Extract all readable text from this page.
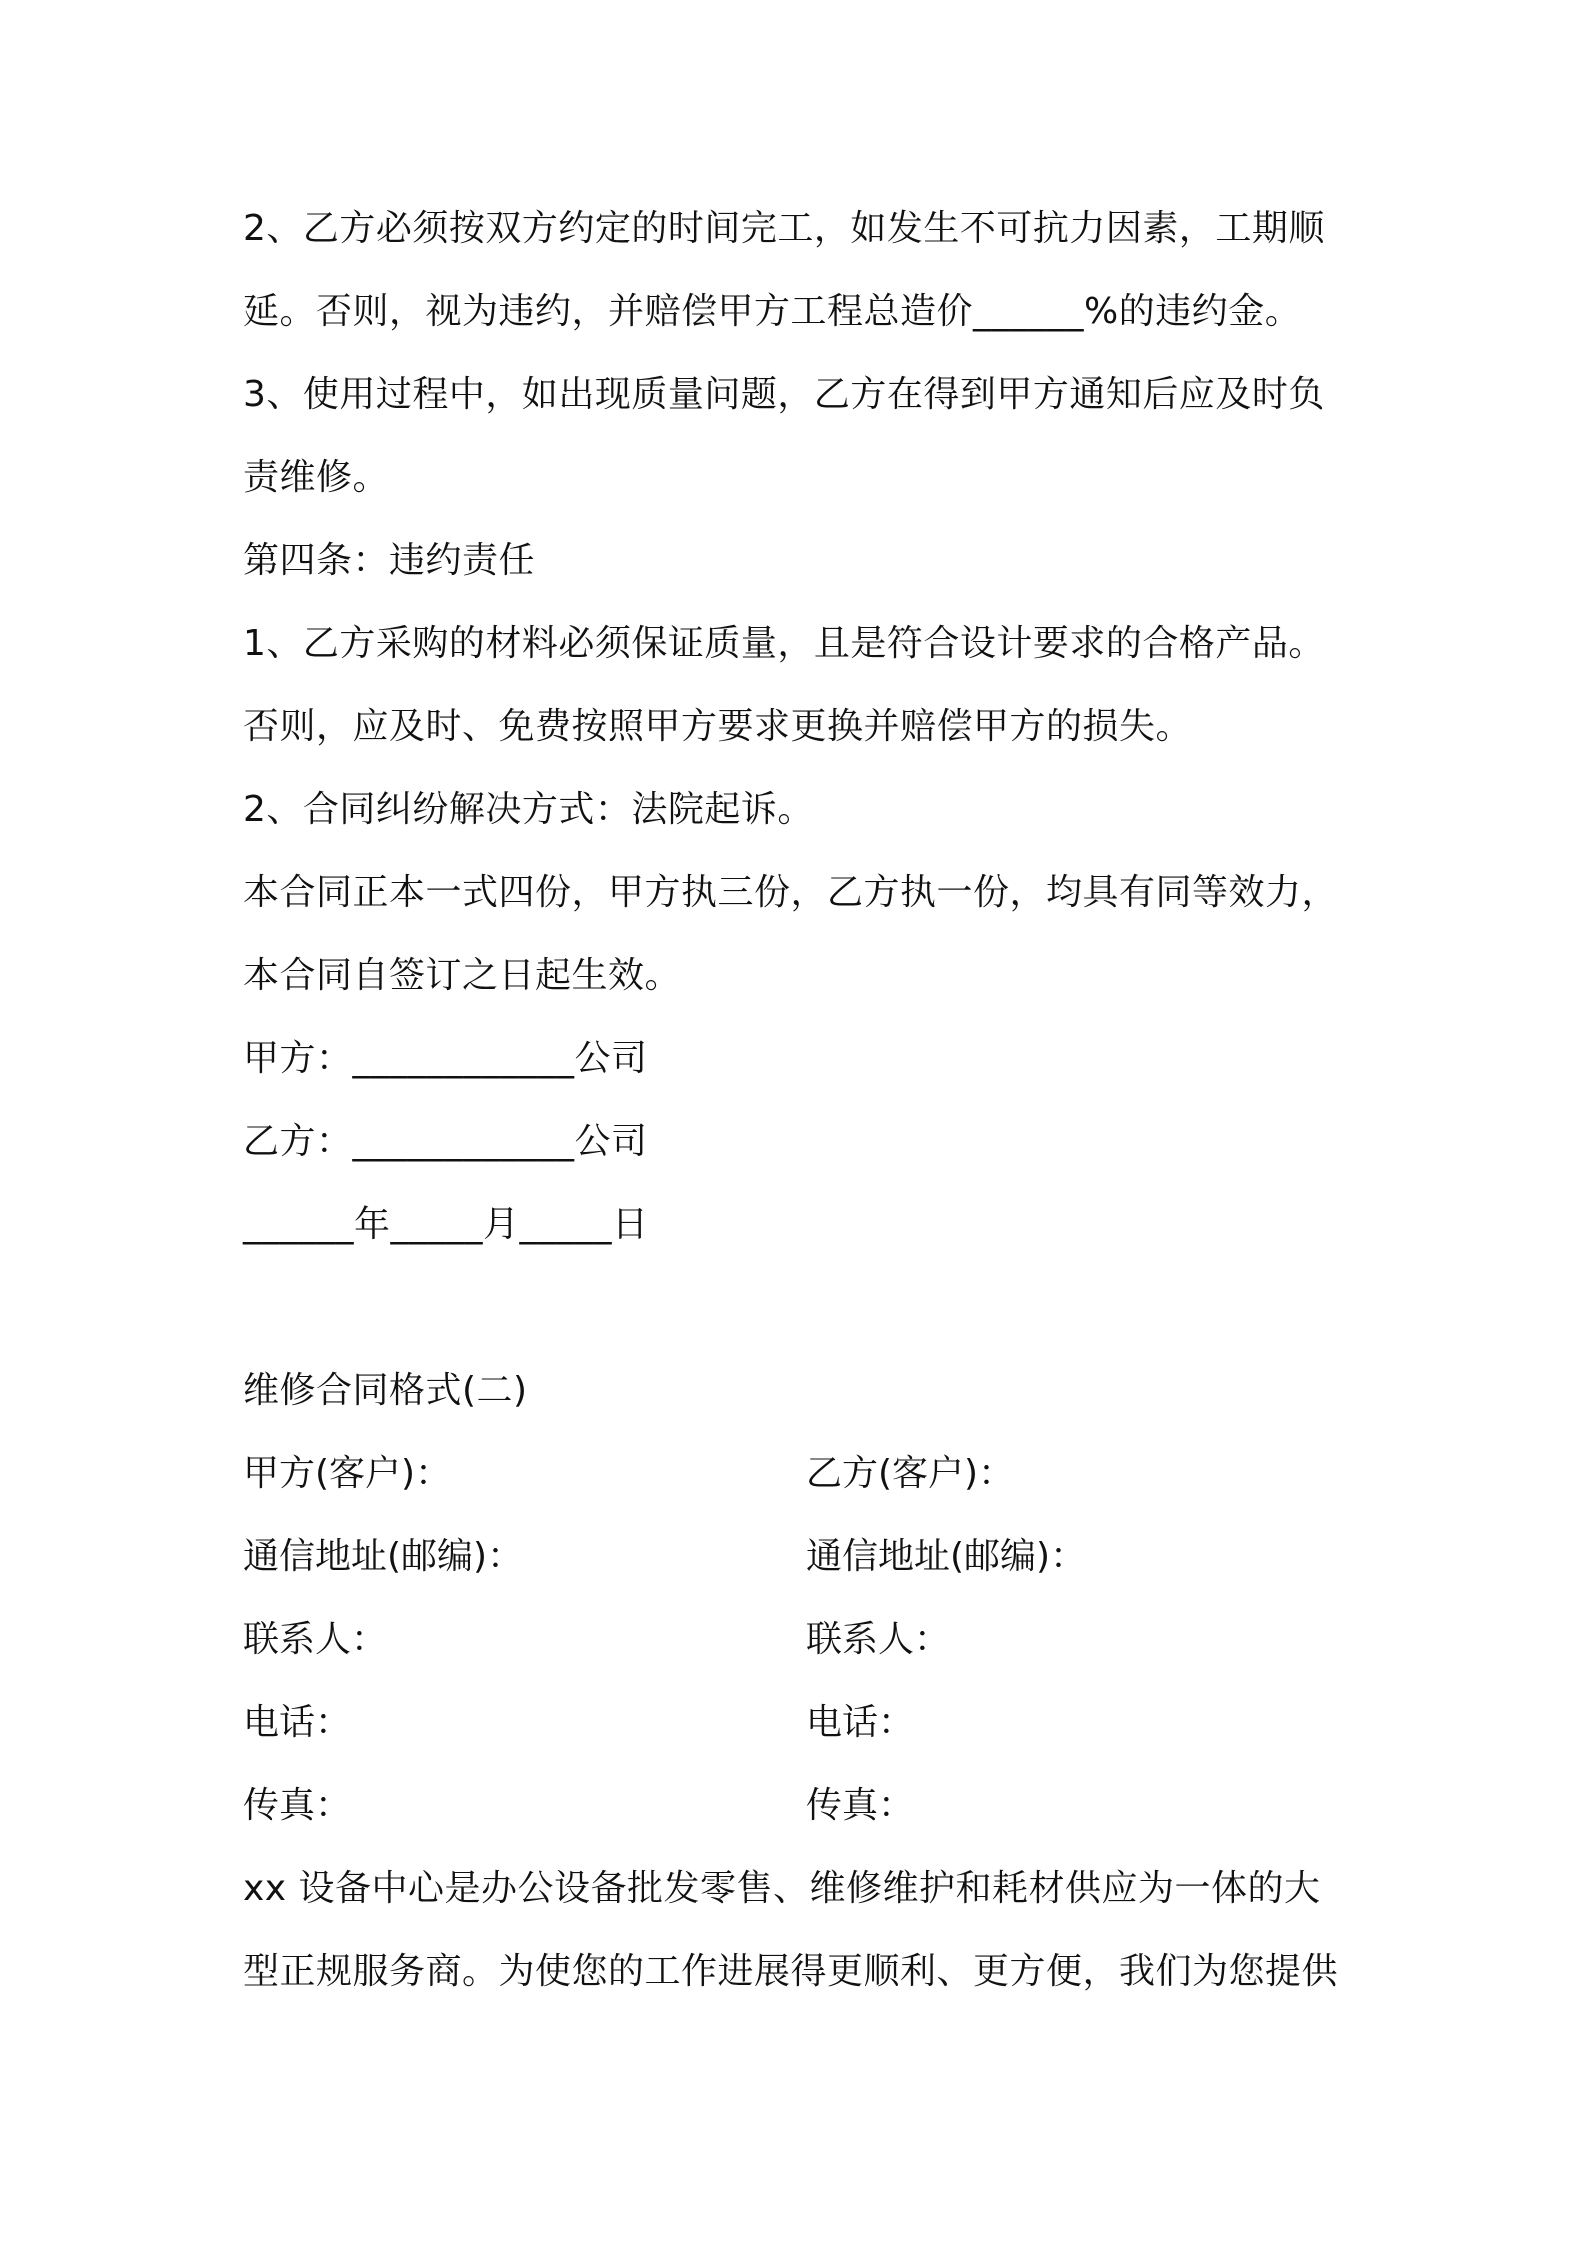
2、乙方必须按双方约定的时间完工，如发生不可抗力因素，工期顺
延。否则，视为违约，并赔偿甲方工程总造价______%的违约金。
3、使用过程中，如出现质量问题，乙方在得到甲方通知后应及时负
责维修。
第四条：违约责任
1、乙方采购的材料必须保证质量，且是符合设计要求的合格产品。
否则，应及时、免费按照甲方要求更换并赔偿甲方的损失。
2、合同纠纷解决方式：法院起诉。
本合同正本一式四份，甲方执三份，乙方执一份，均具有同等效力，
本合同自签订之日起生效。
甲方：____________公司
乙方：____________公司
______年_____月_____日
维修合同格式(二)
甲方(客户)：	乙方(客户)：
通信地址(邮编)：	通信地址(邮编)：
联系人：	联系人：
电话：	电话：
传真：	传真：
xx 设备中心是办公设备批发零售、维修维护和耗材供应为一体的大
型正规服务商。为使您的工作进展得更顺利、更方便，我们为您提供
